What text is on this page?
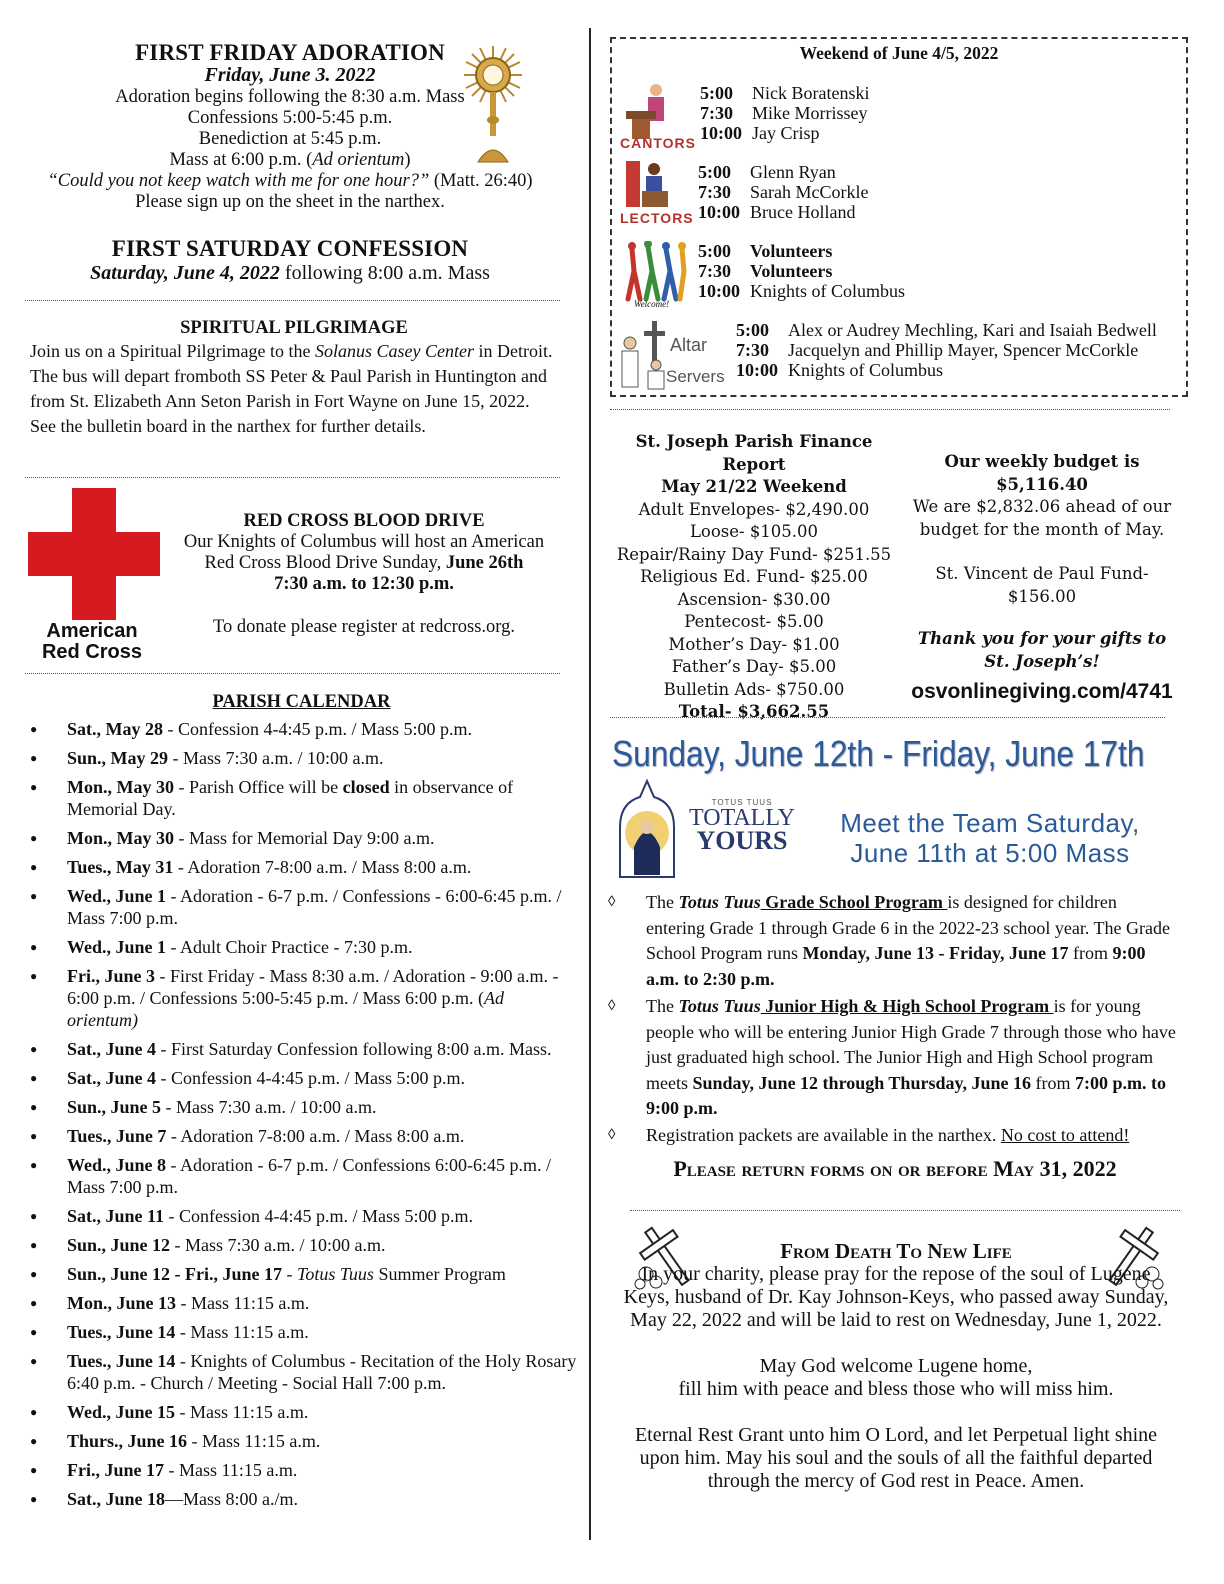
FIRST FRIDAY ADORATION
Friday, June 3. 2022
Adoration begins following the 8:30 a.m. Mass
Confessions 5:00-5:45 p.m.
Benediction at 5:45 p.m.
Mass at 6:00 p.m. (Ad orientum)
“Could you not keep watch with me for one hour?” (Matt. 26:40)
Please sign up on the sheet in the narthex.
FIRST SATURDAY CONFESSION
Saturday, June 4, 2022 following 8:00 a.m. Mass
SPIRITUAL PILGRIMAGE
Join us on a Spiritual Pilgrimage to the Solanus Casey Center in Detroit. The bus will depart fromboth SS Peter & Paul Parish in Huntington and from St. Elizabeth Ann Seton Parish in Fort Wayne on June 15, 2022. See the bulletin board in the narthex for further details.
American
Red Cross
RED CROSS BLOOD DRIVE
Our Knights of Columbus will host an American
Red Cross Blood Drive Sunday, June 26th
7:30 a.m. to 12:30 p.m.
To donate please register at redcross.org.
PARISH CALENDAR
● Sat., May 28 - Confession 4-4:45 p.m. / Mass 5:00 p.m.
● Sun., May 29 - Mass 7:30 a.m. / 10:00 a.m.
● Mon., May 30 - Parish Office will be closed in observance of Memorial Day.
● Mon., May 30 - Mass for Memorial Day 9:00 a.m.
● Tues., May 31 - Adoration 7-8:00 a.m. / Mass 8:00 a.m.
● Wed., June 1 - Adoration - 6-7 p.m. / Confessions - 6:00-6:45 p.m. / Mass 7:00 p.m.
● Wed., June 1 - Adult Choir Practice - 7:30 p.m.
● Fri., June 3 - First Friday - Mass 8:30 a.m. / Adoration - 9:00 a.m. - 6:00 p.m. / Confessions 5:00-5:45 p.m. / Mass 6:00 p.m. (Ad orientum)
● Sat., June 4 - First Saturday Confession following 8:00 a.m. Mass.
● Sat., June 4 - Confession 4-4:45 p.m. / Mass 5:00 p.m.
● Sun., June 5 - Mass 7:30 a.m. / 10:00 a.m.
● Tues., June 7 - Adoration 7-8:00 a.m. / Mass 8:00 a.m.
● Wed., June 8 - Adoration - 6-7 p.m. / Confessions 6:00-6:45 p.m. / Mass 7:00 p.m.
● Sat., June 11 - Confession 4-4:45 p.m. / Mass 5:00 p.m.
● Sun., June 12 - Mass 7:30 a.m. / 10:00 a.m.
● Sun., June 12 - Fri., June 17 - Totus Tuus Summer Program
● Mon., June 13 - Mass 11:15 a.m.
● Tues., June 14 - Mass 11:15 a.m.
● Tues., June 14 - Knights of Columbus - Recitation of the Holy Rosary 6:40 p.m. - Church / Meeting - Social Hall 7:00 p.m.
● Wed., June 15 - Mass 11:15 a.m.
● Thurs., June 16 - Mass 11:15 a.m.
● Fri., June 17 - Mass 11:15 a.m.
● Sat., June 18—Mass 8:00 a./m.
Weekend of June 4/5, 2022
CANTORS
LECTORS
Welcome!
Altar
Servers
5:00 Nick Boratenski
7:30 Mike Morrissey
10:00 Jay Crisp
5:00 Glenn Ryan
7:30 Sarah McCorkle
10:00 Bruce Holland
5:00 Volunteers
7:30 Volunteers
10:00 Knights of Columbus
5:00 Alex or Audrey Mechling, Kari and Isaiah Bedwell
7:30 Jacquelyn and Phillip Mayer, Spencer McCorkle
10:00 Knights of Columbus
St. Joseph Parish Finance Report
May 21/22 Weekend
Adult Envelopes- $2,490.00
Loose- $105.00
Repair/Rainy Day Fund- $251.55
Religious Ed. Fund- $25.00
Ascension- $30.00
Pentecost- $5.00
Mother’s Day- $1.00
Father’s Day- $5.00
Bulletin Ads- $750.00
Total- $3,662.55
Our weekly budget is $5,116.40
We are $2,832.06 ahead of our budget for the month of May.
St. Vincent de Paul Fund- $156.00
Thank you for your gifts to St. Joseph’s!
osvonlinegiving.com/4741
Sunday, June 12th - Friday, June 17th
TOTUS TUUS
TOTALLY
YOURS
Meet the Team Saturday,
June 11th at 5:00 Mass
◊ The Totus Tuus Grade School Program is designed for children entering Grade 1 through Grade 6 in the 2022-23 school year. The Grade School Program runs Monday, June 13 - Friday, June 17 from 9:00 a.m. to 2:30 p.m.
◊ The Totus Tuus Junior High & High School Program is for young people who will be entering Junior High Grade 7 through those who have just graduated high school. The Junior High and High School program meets Sunday, June 12 through Thursday, June 16 from 7:00 p.m. to 9:00 p.m.
◊ Registration packets are available in the narthex. No cost to attend!
Please return forms on or before May 31, 2022
From Death To New Life
In your charity, please pray for the repose of the soul of Lugene Keys, husband of Dr. Kay Johnson-Keys, who passed away Sunday, May 22, 2022 and will be laid to rest on Wednesday, June 1, 2022.
May God welcome Lugene home,
fill him with peace and bless those who will miss him.
Eternal Rest Grant unto him O Lord, and let Perpetual light shine upon him. May his soul and the souls of all the faithful departed through the mercy of God rest in Peace. Amen.
